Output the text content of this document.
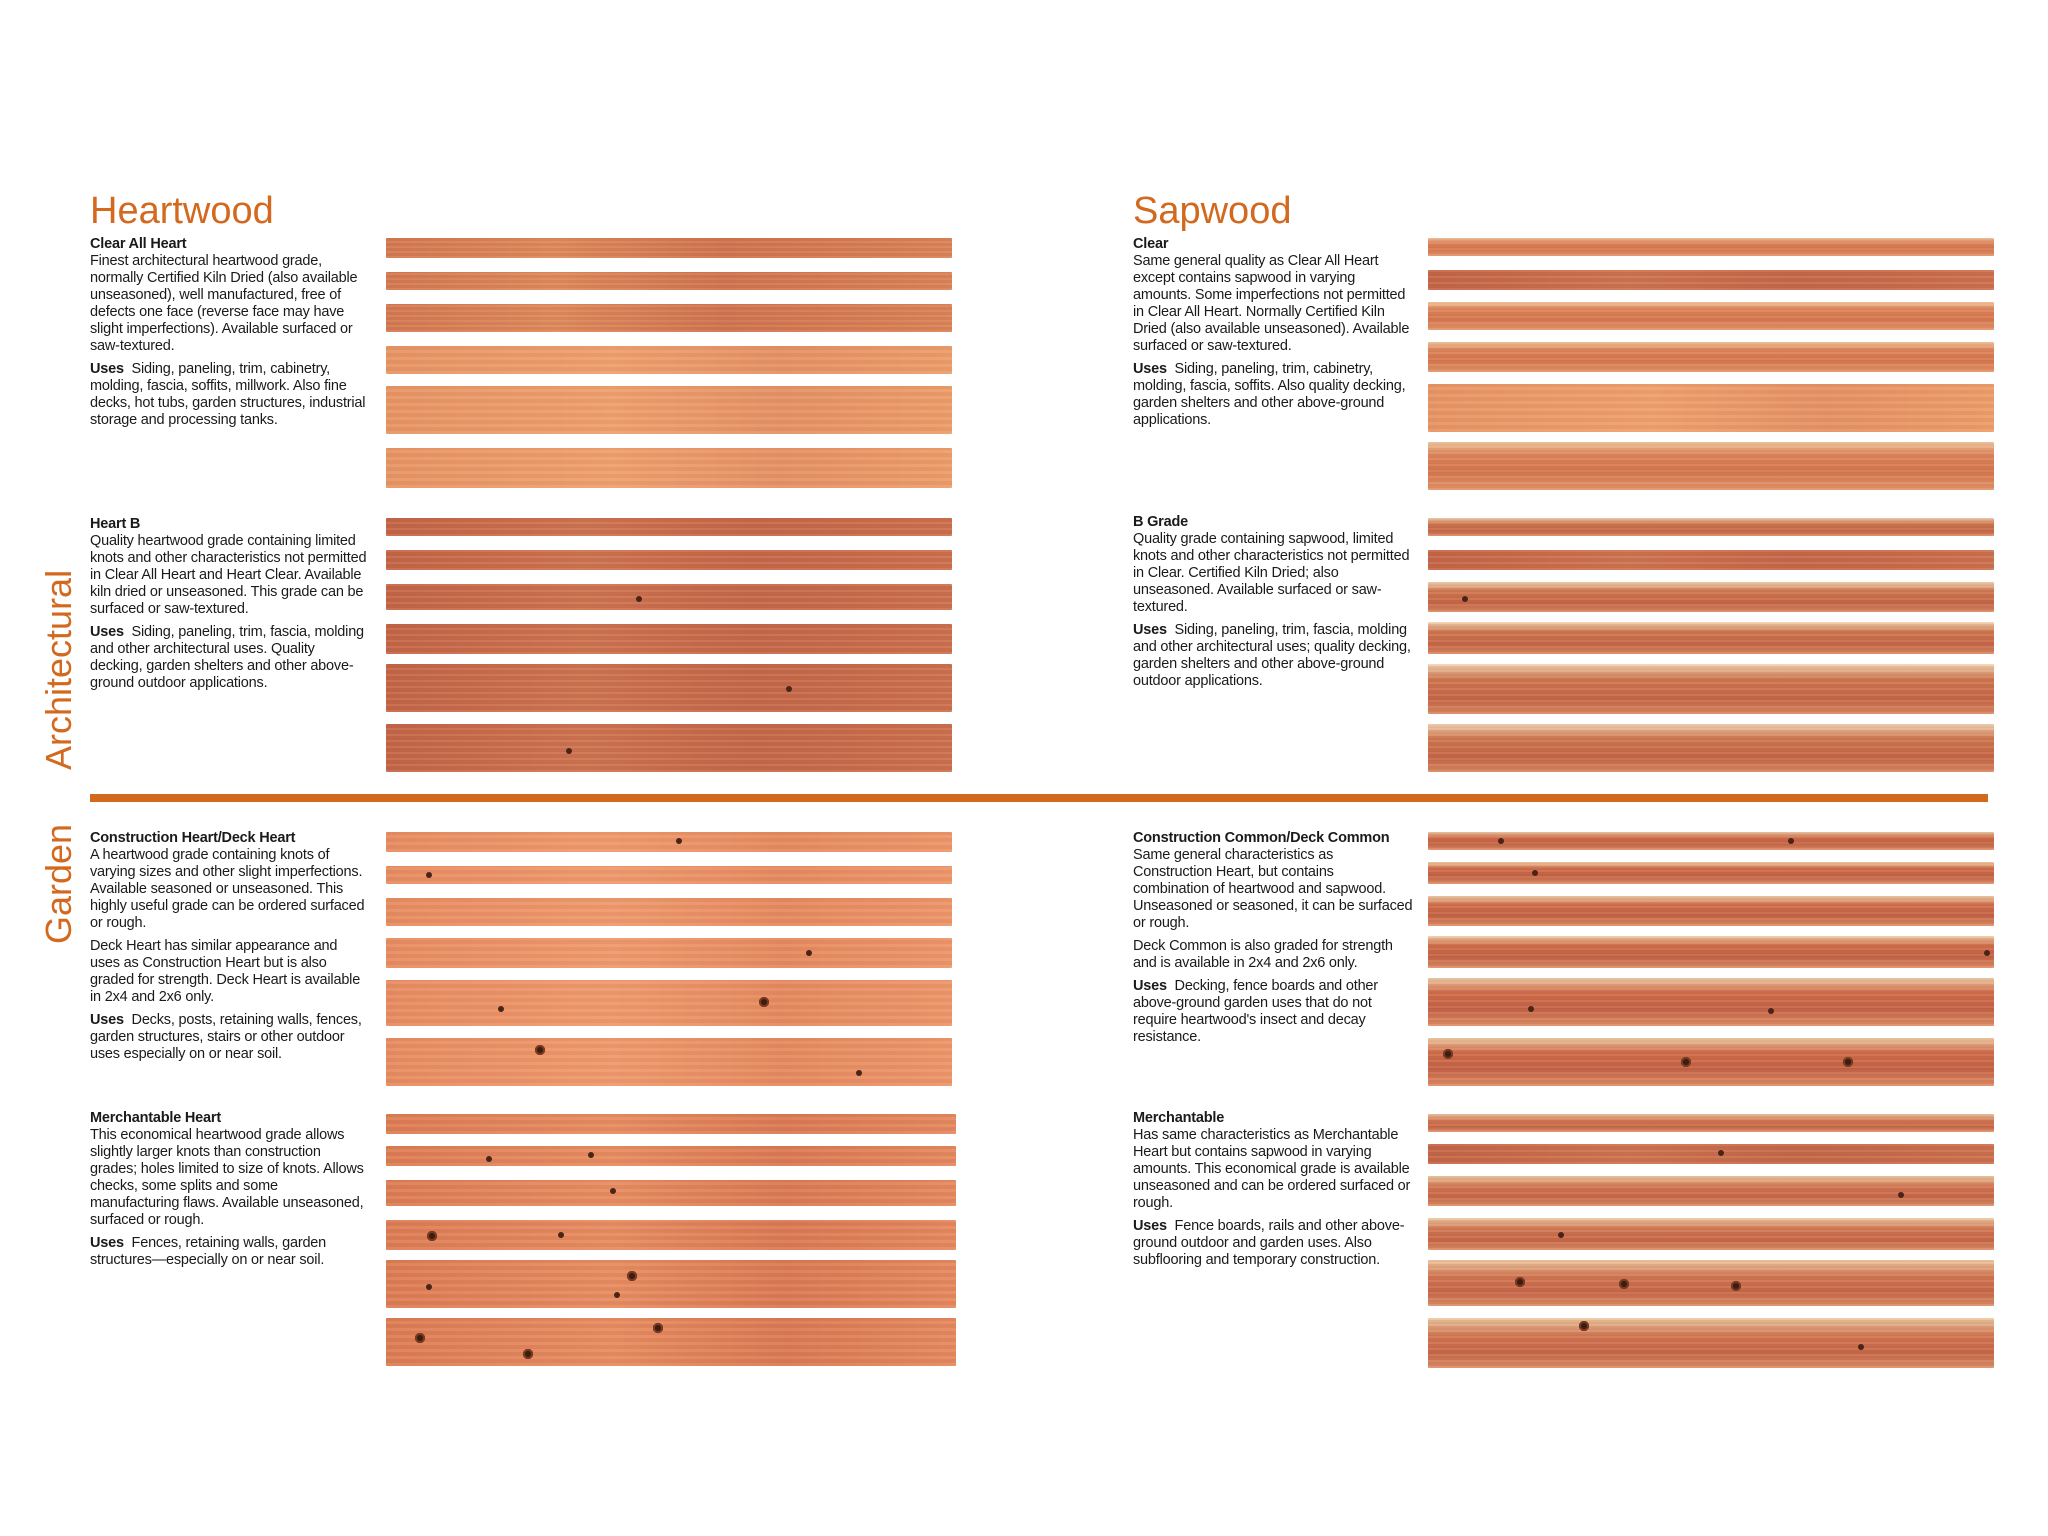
Heartwood	Sapwood
Architectural
Garden
Clear All Heart

Finest architectural heartwood grade, normally Certified Kiln Dried (also available unseasoned), well manufactured, free of defects one face (reverse face may have slight imperfections). Available surfaced or saw-textured.

Uses Siding, paneling, trim, cabinetry, molding, fascia, soffits, millwork. Also fine decks, hot tubs, garden structures, industrial storage and processing tanks.

Heart B

Quality heartwood grade containing limited knots and other characteristics not permitted in Clear All Heart and Heart Clear. Available kiln dried or unseasoned. This grade can be surfaced or saw-textured.

Uses Siding, paneling, trim, fascia, molding and other architectural uses. Quality decking, garden shelters and other above-ground outdoor applications.

Construction Heart/Deck Heart

A heartwood grade containing knots of varying sizes and other slight imperfections. Available seasoned or unseasoned. This highly useful grade can be ordered surfaced or rough.

Deck Heart has similar appearance and uses as Construction Heart but is also graded for strength. Deck Heart is available in 2x4 and 2x6 only.

Uses Decks, posts, retaining walls, fences, garden structures, stairs or other outdoor uses especially on or near soil.

Merchantable Heart

This economical heartwood grade allows slightly larger knots than construction grades; holes limited to size of knots. Allows checks, some splits and some manufacturing flaws. Available unseasoned, surfaced or rough.

Uses Fences, retaining walls, garden structures—especially on or near soil.

Clear

Same general quality as Clear All Heart except contains sapwood in varying amounts. Some imperfections not permitted in Clear All Heart. Normally Certified Kiln Dried (also available unseasoned). Available surfaced or saw-textured.

Uses Siding, paneling, trim, cabinetry, molding, fascia, soffits. Also quality decking, garden shelters and other above-ground applications.

B Grade

Quality grade containing sapwood, limited knots and other characteristics not permitted in Clear. Certified Kiln Dried; also unseasoned. Available surfaced or saw-textured.

Uses Siding, paneling, trim, fascia, molding and other architectural uses; quality decking, garden shelters and other above-ground outdoor applications.

Construction Common/Deck Common

Same general characteristics as Construction Heart, but contains combination of heartwood and sapwood. Unseasoned or seasoned, it can be surfaced or rough.

Deck Common is also graded for strength and is available in 2x4 and 2x6 only.

Uses Decking, fence boards and other above-ground garden uses that do not require heartwood's insect and decay resistance.

Merchantable

Has same characteristics as Merchantable Heart but contains sapwood in varying amounts. This economical grade is available unseasoned and can be ordered surfaced or rough.

Uses Fence boards, rails and other above-ground outdoor and garden uses. Also subflooring and temporary construction.
